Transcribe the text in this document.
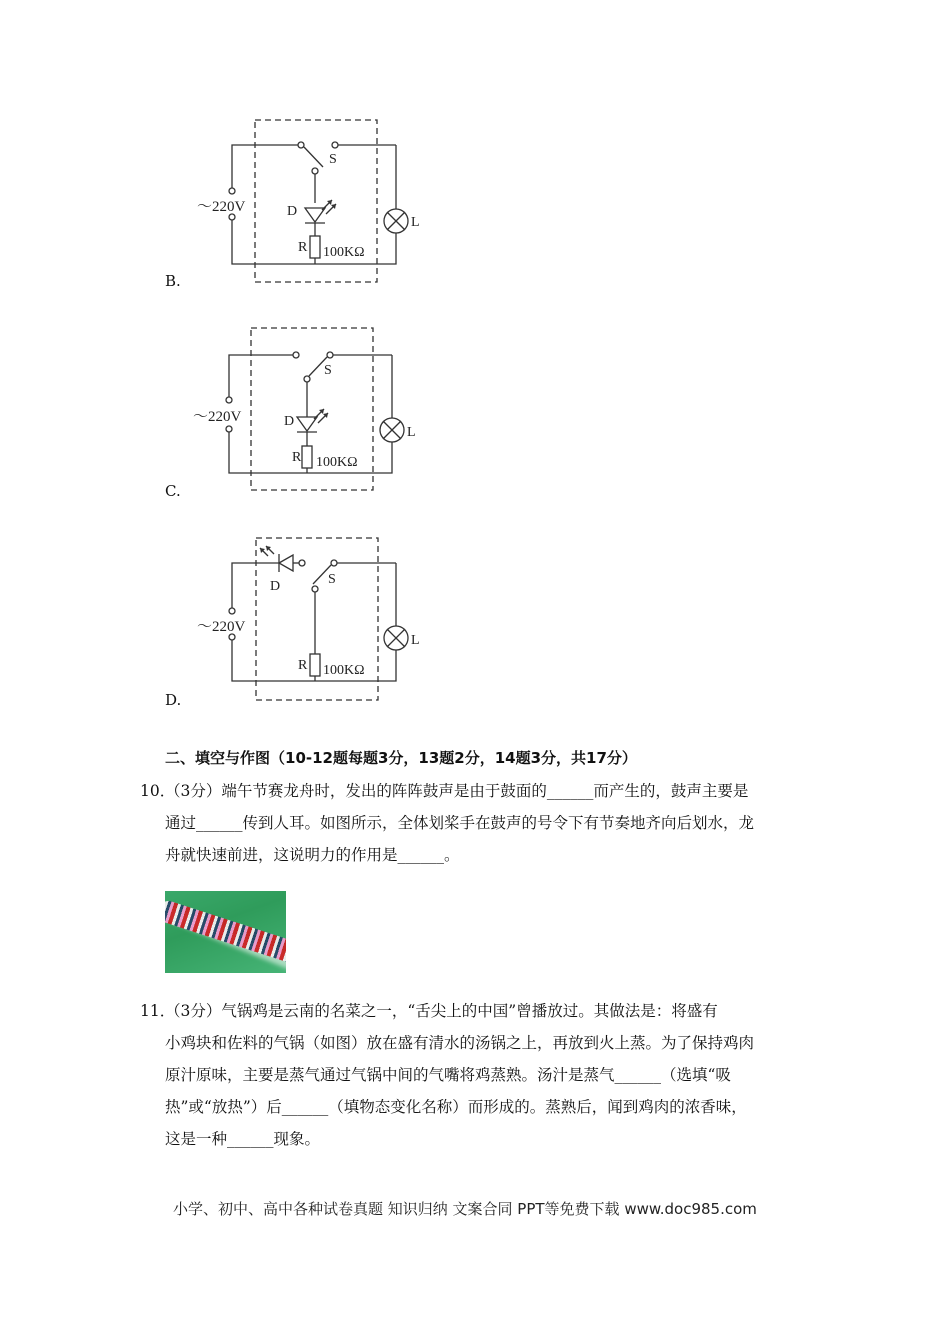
～220V
S
D
R 100KΩ
L
B.
～220V
S
D
R 100KΩ
L
C.
～220V
S
D
R 100KΩ
L
D.
二、填空与作图（10-12题每题3分，13题2分，14题3分，共17分）
10．
（3分）端午节赛龙舟时，发出的阵阵鼓声是由于鼓面的______而产生的，鼓声主要是
通过______传到人耳。如图所示，全体划桨手在鼓声的号令下有节奏地齐向后划水，龙
舟就快速前进，这说明力的作用是______。
11．
（3分）气锅鸡是云南的名菜之一，“舌尖上的中国”曾播放过。其做法是：将盛有
小鸡块和佐料的气锅（如图）放在盛有清水的汤锅之上，再放到火上蒸。为了保持鸡肉
原汁原味，主要是蒸气通过气锅中间的气嘴将鸡蒸熟。汤汁是蒸气______（选填“吸
热”或“放热”）后______（填物态变化名称）而形成的。蒸熟后，闻到鸡肉的浓香味，
这是一种______现象。
小学、初中、高中各种试卷真题 知识归纳 文案合同 PPT等免费下载 www.doc985.com
